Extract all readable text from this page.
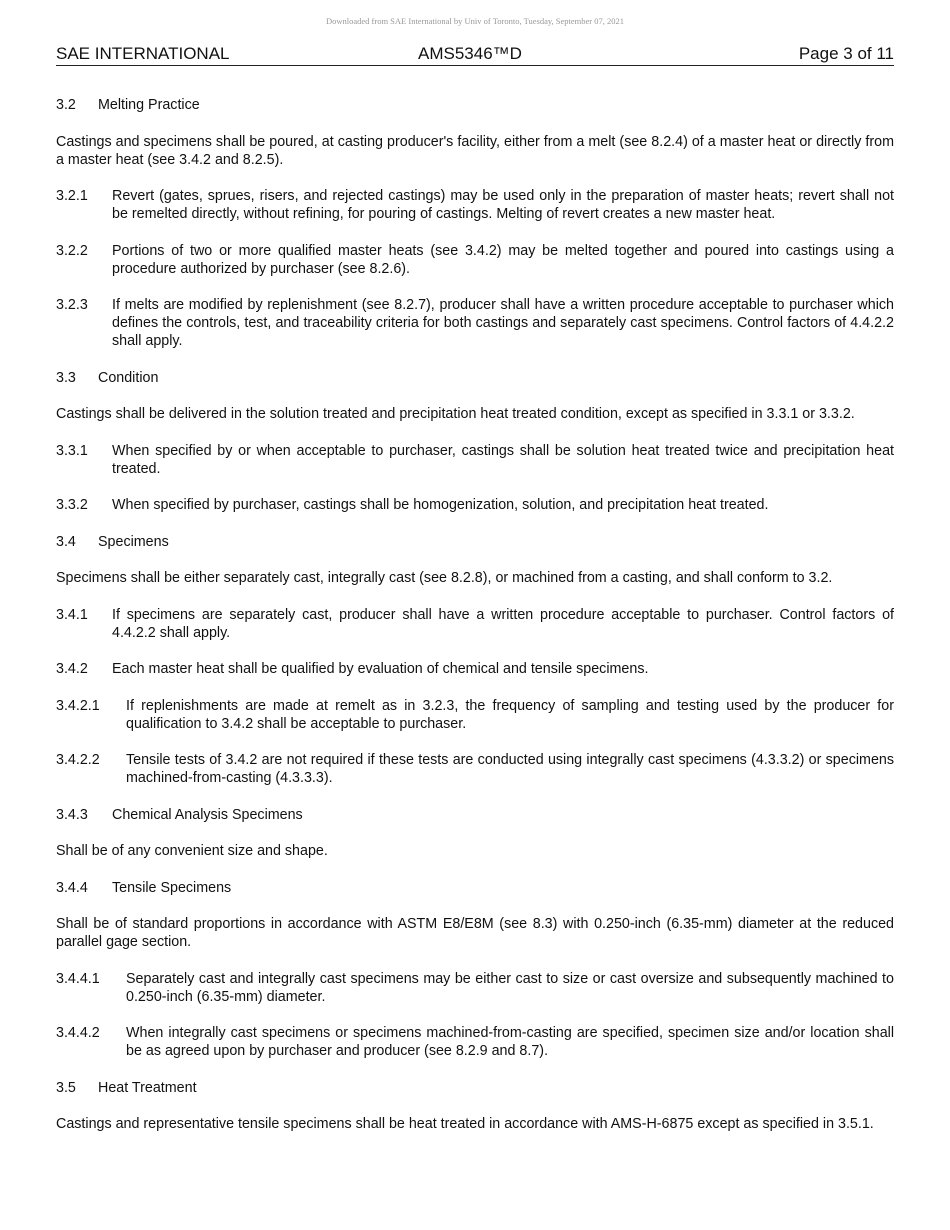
Downloaded from SAE International by Univ of Toronto, Tuesday, September 07, 2021
SAE INTERNATIONAL	AMS5346™D	Page 3 of 11
3.2 Melting Practice

Castings and specimens shall be poured, at casting producer's facility, either from a melt (see 8.2.4) of a master heat or directly from a master heat (see 3.4.2 and 8.2.5).

3.2.1 Revert (gates, sprues, risers, and rejected castings) may be used only in the preparation of master heats; revert shall not be remelted directly, without refining, for pouring of castings. Melting of revert creates a new master heat.
3.2.2 Portions of two or more qualified master heats (see 3.4.2) may be melted together and poured into castings using a procedure authorized by purchaser (see 8.2.6).
3.2.3 If melts are modified by replenishment (see 8.2.7), producer shall have a written procedure acceptable to purchaser which defines the controls, test, and traceability criteria for both castings and separately cast specimens. Control factors of 4.4.2.2 shall apply.
3.3 Condition

Castings shall be delivered in the solution treated and precipitation heat treated condition, except as specified in 3.3.1 or 3.3.2.

3.3.1 When specified by or when acceptable to purchaser, castings shall be solution heat treated twice and precipitation heat treated.
3.3.2 When specified by purchaser, castings shall be homogenization, solution, and precipitation heat treated.
3.4 Specimens

Specimens shall be either separately cast, integrally cast (see 8.2.8), or machined from a casting, and shall conform to 3.2.

3.4.1 If specimens are separately cast, producer shall have a written procedure acceptable to purchaser. Control factors of 4.4.2.2 shall apply.
3.4.2 Each master heat shall be qualified by evaluation of chemical and tensile specimens.
3.4.2.1 If replenishments are made at remelt as in 3.2.3, the frequency of sampling and testing used by the producer for qualification to 3.4.2 shall be acceptable to purchaser.
3.4.2.2 Tensile tests of 3.4.2 are not required if these tests are conducted using integrally cast specimens (4.3.3.2) or specimens machined-from-casting (4.3.3.3).
3.4.3 Chemical Analysis Specimens

Shall be of any convenient size and shape.

3.4.4 Tensile Specimens

Shall be of standard proportions in accordance with ASTM E8/E8M (see 8.3) with 0.250-inch (6.35-mm) diameter at the reduced parallel gage section.

3.4.4.1 Separately cast and integrally cast specimens may be either cast to size or cast oversize and subsequently machined to 0.250-inch (6.35-mm) diameter.
3.4.4.2 When integrally cast specimens or specimens machined-from-casting are specified, specimen size and/or location shall be as agreed upon by purchaser and producer (see 8.2.9 and 8.7).
3.5 Heat Treatment

Castings and representative tensile specimens shall be heat treated in accordance with AMS-H-6875 except as specified in 3.5.1.
